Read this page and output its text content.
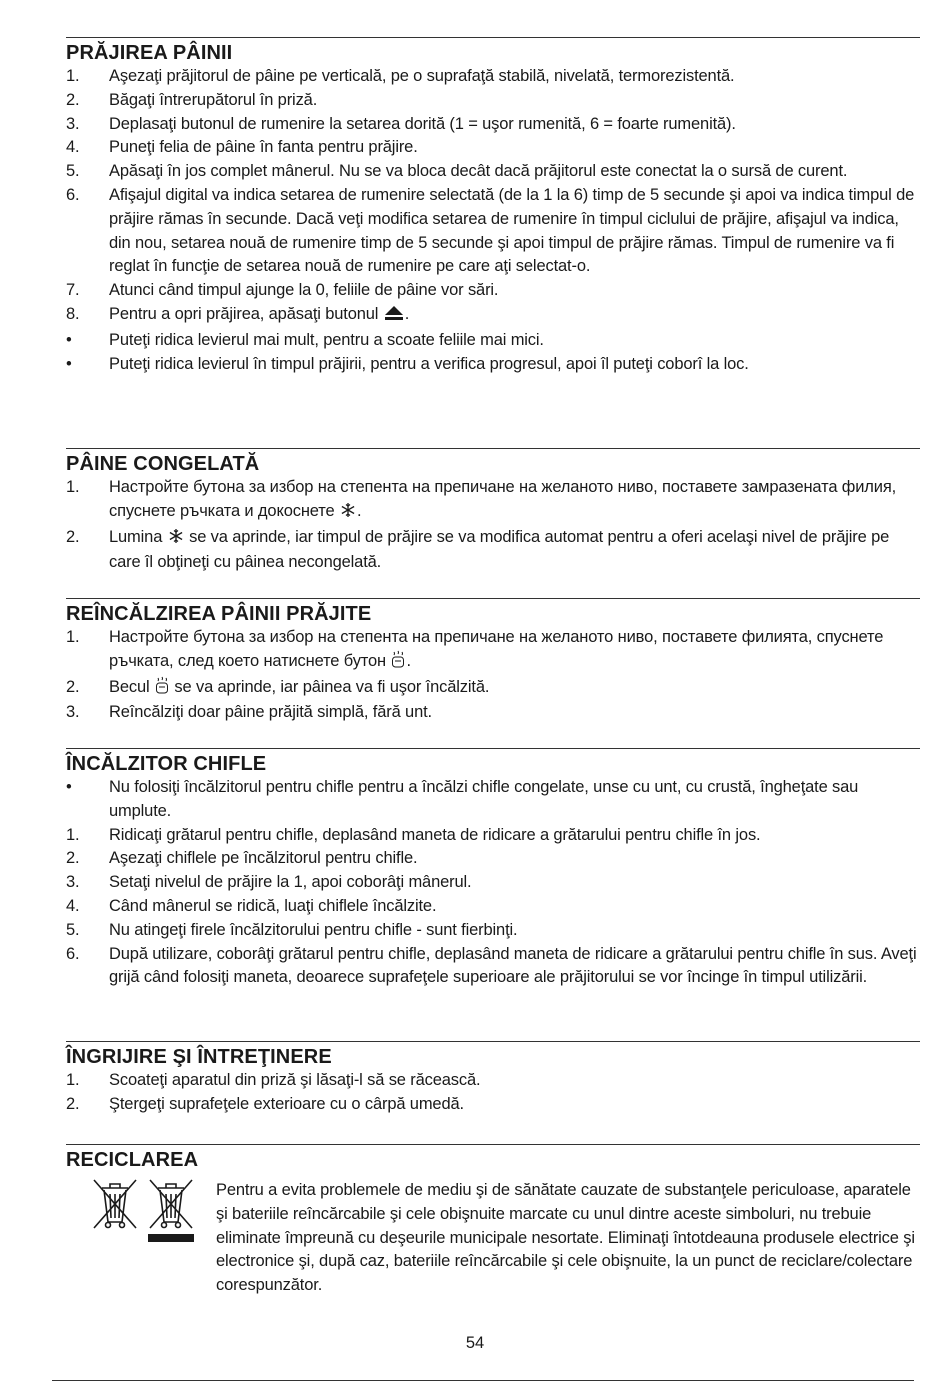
PRĂJIREA PÂINII
1.	Aşezaţi prăjitorul de pâine pe verticală, pe o suprafaţă stabilă, nivelată, termorezistentă.
2.	Băgaţi întrerupătorul în priză.
3.	Deplasaţi butonul de rumenire la setarea dorită (1 = uşor rumenită, 6 = foarte rumenită).
4.	Puneţi felia de pâine în fanta pentru prăjire.
5.	Apăsaţi în jos complet mânerul. Nu se va bloca decât dacă prăjitorul este conectat la o sursă de curent.
6.	Afişajul digital va indica setarea de rumenire selectată (de la 1 la 6) timp de 5 secunde şi apoi va indica timpul de prăjire rămas în secunde. Dacă veţi modifica setarea de rumenire în timpul ciclului de prăjire, afişajul va indica, din nou, setarea nouă de rumenire timp de 5 secunde şi apoi timpul de prăjire rămas. Timpul de rumenire va fi reglat în funcţie de setarea nouă de rumenire pe care aţi selectat-o.
7.	Atunci când timpul ajunge la 0, feliile de pâine vor sări.
8.	Pentru a opri prăjirea, apăsaţi butonul .
•	Puteţi ridica levierul mai mult, pentru a scoate feliile mai mici.
•	Puteţi ridica levierul în timpul prăjirii, pentru a verifica progresul, apoi îl puteţi coborî la loc.
PÂINE CONGELATĂ
1.	Настройте бутона за избор на степента на препичане на желаното ниво, поставете замразената филия, спуснете ръчката и докоснете .
2.	Lumina se va aprinde, iar timpul de prăjire se va modifica automat pentru a oferi acelaşi nivel de prăjire pe care îl obţineţi cu pâinea necongelată.
REÎNCĂLZIREA PÂINII PRĂJITE
1.	Настройте бутона за избор на степента на препичане на желаното ниво, поставете филията, спуснете ръчката, след което натиснете бутон .
2.	Becul se va aprinde, iar pâinea va fi uşor încălzită.
3.	Reîncălziţi doar pâine prăjită simplă, fără unt.
ÎNCĂLZITOR CHIFLE
•	Nu folosiţi încălzitorul pentru chifle pentru a încălzi chifle congelate, unse cu unt, cu crustă, îngheţate sau umplute.
1.	Ridicaţi grătarul pentru chifle, deplasând maneta de ridicare a grătarului pentru chifle în jos.
2.	Aşezaţi chiflele pe încălzitorul pentru chifle.
3.	Setaţi nivelul de prăjire la 1, apoi coborâţi mânerul.
4.	Când mânerul se ridică, luaţi chiflele încălzite.
5.	Nu atingeţi firele încălzitorului pentru chifle - sunt fierbinţi.
6.	După utilizare, coborâţi grătarul pentru chifle, deplasând maneta de ridicare a grătarului pentru chifle în sus. Aveţi grijă când folosiţi maneta, deoarece suprafeţele superioare ale prăjitorului se vor încinge în timpul utilizării.
ÎNGRIJIRE ŞI ÎNTREŢINERE
1.	Scoateţi aparatul din priză şi lăsaţi-l să se răcească.
2.	Ştergeţi suprafeţele exterioare cu o cârpă umedă.
RECICLAREA
Pentru a evita problemele de mediu şi de sănătate cauzate de substanţele periculoase, aparatele şi bateriile reîncărcabile şi cele obişnuite marcate cu unul dintre aceste simboluri, nu trebuie eliminate împreună cu deşeurile municipale nesortate. Eliminaţi întotdeauna produsele electrice şi electronice şi, după caz, bateriile reîncărcabile şi cele obişnuite, la un punct de reciclare/colectare corespunzător.
54
